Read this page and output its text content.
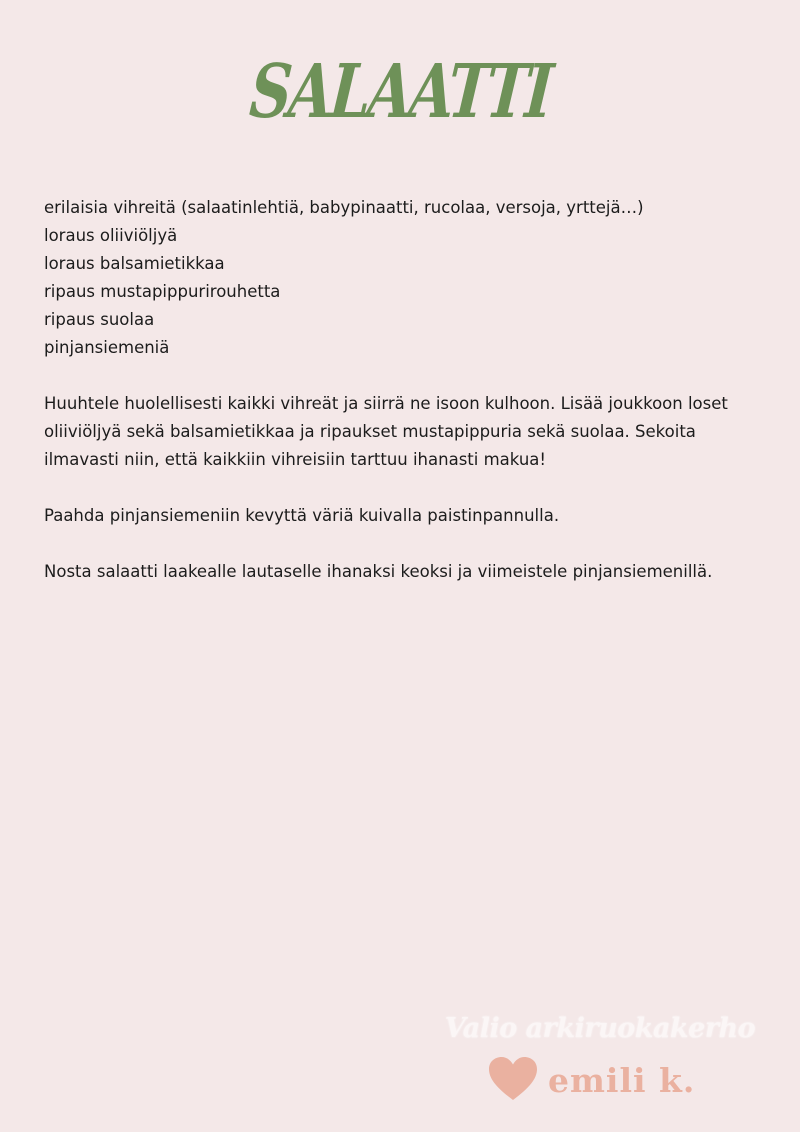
SALAATTI
erilaisia vihreitä (salaatinlehtiä, babypinaatti, rucolaa, versoja, yrttejä…)
loraus oliiviöljyä
loraus balsamietikkaa
ripaus mustapippurirouhetta
ripaus suolaa
pinjansiemeniä

Huuhtele huolellisesti kaikki vihreät ja siirrä ne isoon kulhoon. Lisää joukkoon loset oliiviöljyä sekä balsamietikkaa ja ripaukset mustapippuria sekä suolaa. Sekoita ilmavasti niin, että kaikkiin vihreisiin tarttuu ihanasti makua!

Paahda pinjansiemeniin kevyttä väriä kuivalla paistinpannulla.

Nosta salaatti laakealle lautaselle ihanaksi keoksi ja viimeistele pinjansiemenillä.

Valio arkiruokakerho
emili k.
